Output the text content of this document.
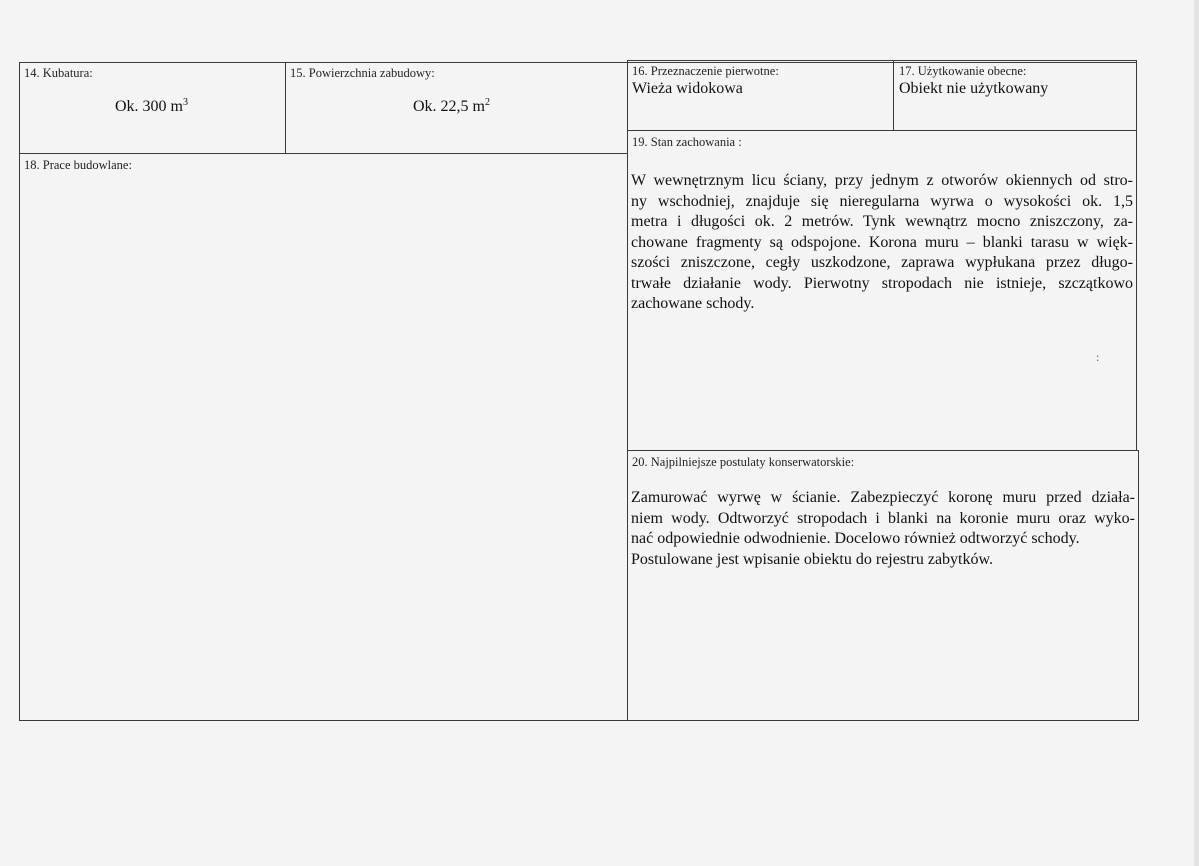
14. Kubatura:
Ok. 300 $m^3$
15. Powierzchnia zabudowy:
Ok. 22,5 $m^2$
16. Przeznaczenie pierwotne:
Wieża widokowa
17. Użytkowanie obecne:
Obiekt nie użytkowany
18. Prace budowlane:
19. Stan zachowania :
W wewnętrznym licu ściany, przy jednym z otworów okiennych od stro-
ny wschodniej, znajduje się nieregularna wyrwa o wysokości ok. 1,5
metra i długości ok. 2 metrów. Tynk wewnątrz mocno zniszczony, za-
chowane fragmenty są odspojone. Korona muru – blanki tarasu w więk-
szości zniszczone, cegły uszkodzone, zaprawa wypłukana przez długo-
trwałe działanie wody. Pierwotny stropodach nie istnieje, szczątkowo
zachowane schody.
:
20. Najpilniejsze postulaty konserwatorskie:
Zamurować wyrwę w ścianie. Zabezpieczyć koronę muru przed działa-
niem wody. Odtworzyć stropodach i blanki na koronie muru oraz wyko-
nać odpowiednie odwodnienie. Docelowo również odtworzyć schody.
Postulowane jest wpisanie obiektu do rejestru zabytków.
